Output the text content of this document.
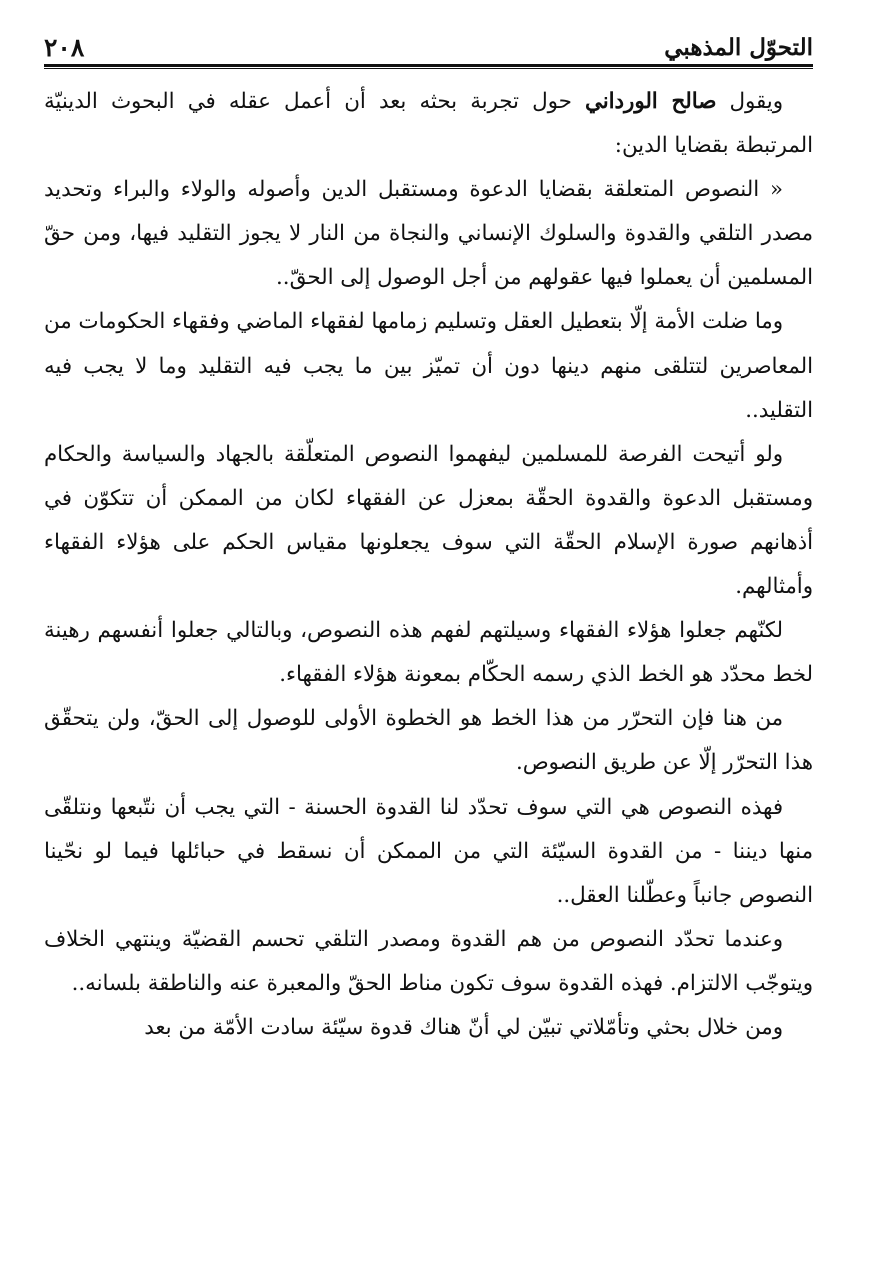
التحوّل المذهبي
٢٠٨

ويقول صالح الورداني حول تجربة بحثه بعد أن أعمل عقله في البحوث الدينيّة المرتبطة بقضايا الدين:

« النصوص المتعلقة بقضايا الدعوة ومستقبل الدين وأصوله والولاء والبراء وتحديد مصدر التلقي والقدوة والسلوك الإنساني والنجاة من النار لا يجوز التقليد فيها، ومن حقّ المسلمين أن يعملوا فيها عقولهم من أجل الوصول إلى الحقّ..

وما ضلت الأمة إلّا بتعطيل العقل وتسليم زمامها لفقهاء الماضي وفقهاء الحكومات من المعاصرين لتتلقى منهم دينها دون أن تميّز بين ما يجب فيه التقليد وما لا يجب فيه التقليد..

ولو أتيحت الفرصة للمسلمين ليفهموا النصوص المتعلّقة بالجهاد والسياسة والحكام ومستقبل الدعوة والقدوة الحقّة بمعزل عن الفقهاء لكان من الممكن أن تتكوّن في أذهانهم صورة الإسلام الحقّة التي سوف يجعلونها مقياس الحكم على هؤلاء الفقهاء وأمثالهم.

لكنّهم جعلوا هؤلاء الفقهاء وسيلتهم لفهم هذه النصوص، وبالتالي جعلوا أنفسهم رهينة لخط محدّد هو الخط الذي رسمه الحكّام بمعونة هؤلاء الفقهاء.

من هنا فإن التحرّر من هذا الخط هو الخطوة الأولى للوصول إلى الحقّ، ولن يتحقّق هذا التحرّر إلّا عن طريق النصوص.

فهذه النصوص هي التي سوف تحدّد لنا القدوة الحسنة - التي يجب أن نتّبعها ونتلقّى منها ديننا - من القدوة السيّئة التي من الممكن أن نسقط في حبائلها فيما لو نحّينا النصوص جانباً وعطّلنا العقل..

وعندما تحدّد النصوص من هم القدوة ومصدر التلقي تحسم القضيّة وينتهي الخلاف ويتوجّب الالتزام. فهذه القدوة سوف تكون مناط الحقّ والمعبرة عنه والناطقة بلسانه..

ومن خلال بحثي وتأمّلاتي تبيّن لي أنّ هناك قدوة سيّئة سادت الأمّة من بعد
